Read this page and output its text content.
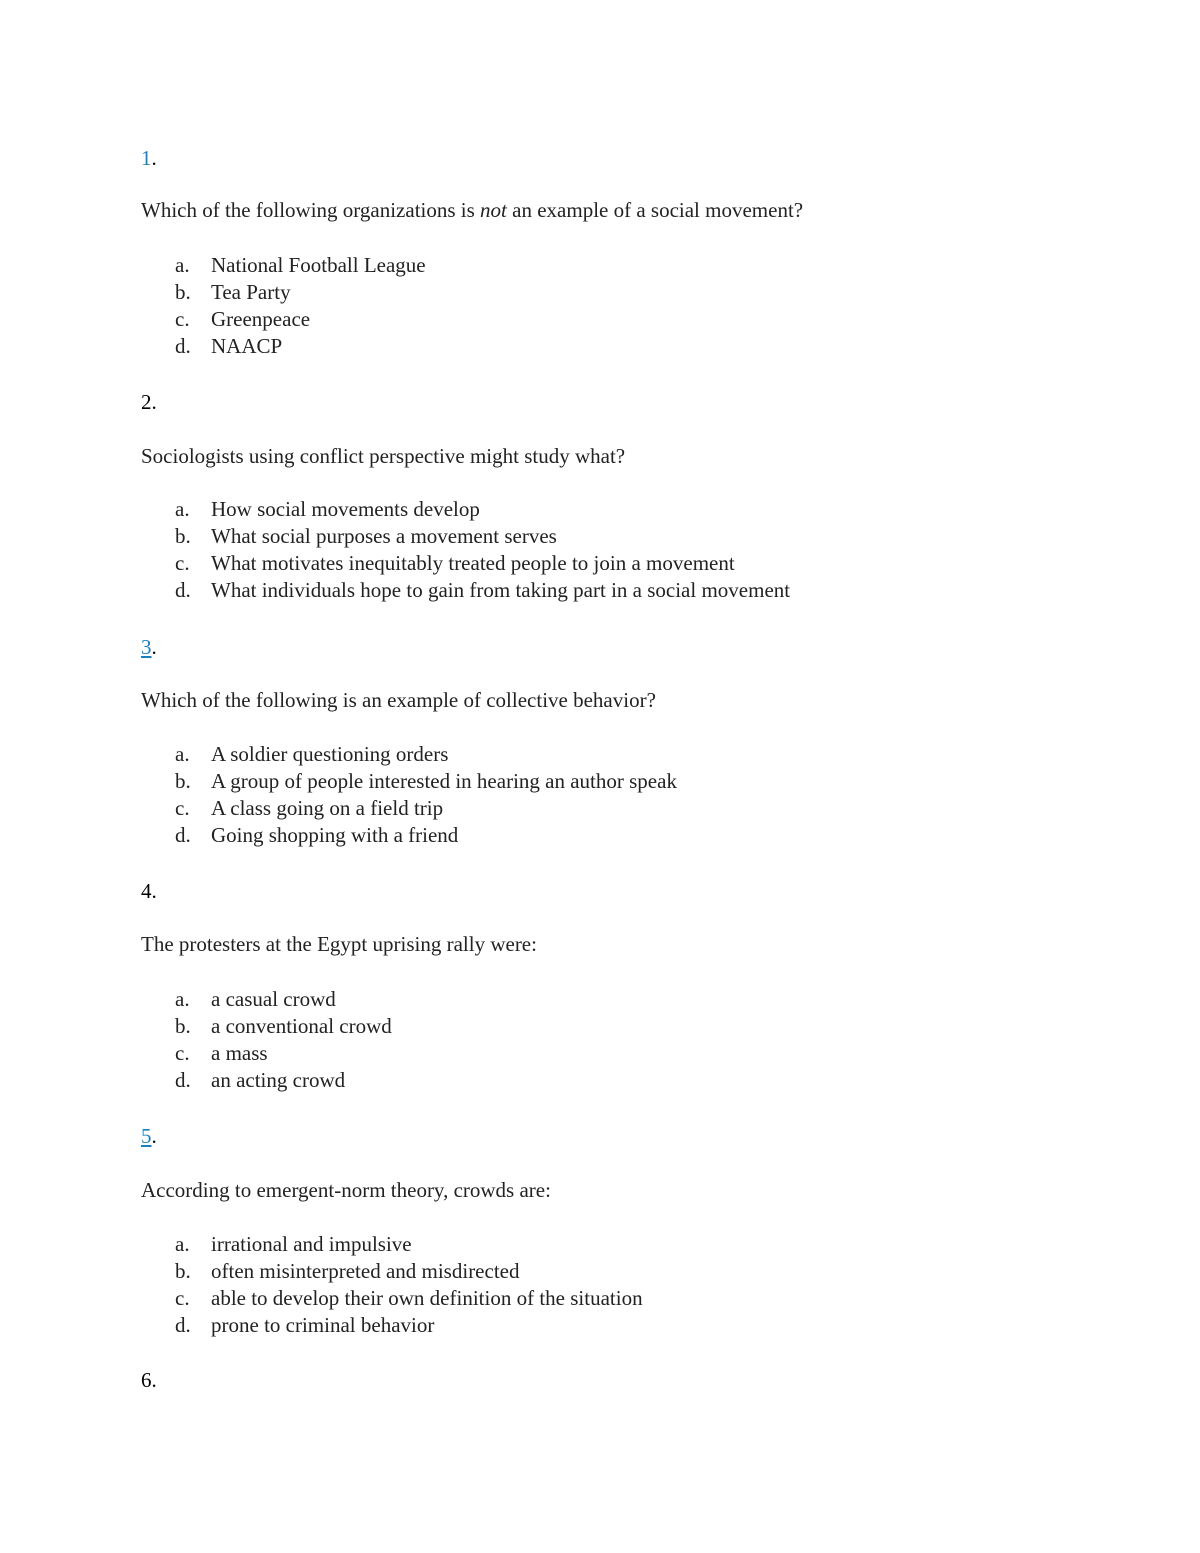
1.

Which of the following organizations is not an example of a social movement?

a. National Football League
b. Tea Party
c. Greenpeace
d. NAACP

2.

Sociologists using conflict perspective might study what?

a. How social movements develop
b. What social purposes a movement serves
c. What motivates inequitably treated people to join a movement
d. What individuals hope to gain from taking part in a social movement

3.

Which of the following is an example of collective behavior?

a. A soldier questioning orders
b. A group of people interested in hearing an author speak
c. A class going on a field trip
d. Going shopping with a friend

4.

The protesters at the Egypt uprising rally were:

a. a casual crowd
b. a conventional crowd
c. a mass
d. an acting crowd

5.

According to emergent-norm theory, crowds are:

a. irrational and impulsive
b. often misinterpreted and misdirected
c. able to develop their own definition of the situation
d. prone to criminal behavior

6.
